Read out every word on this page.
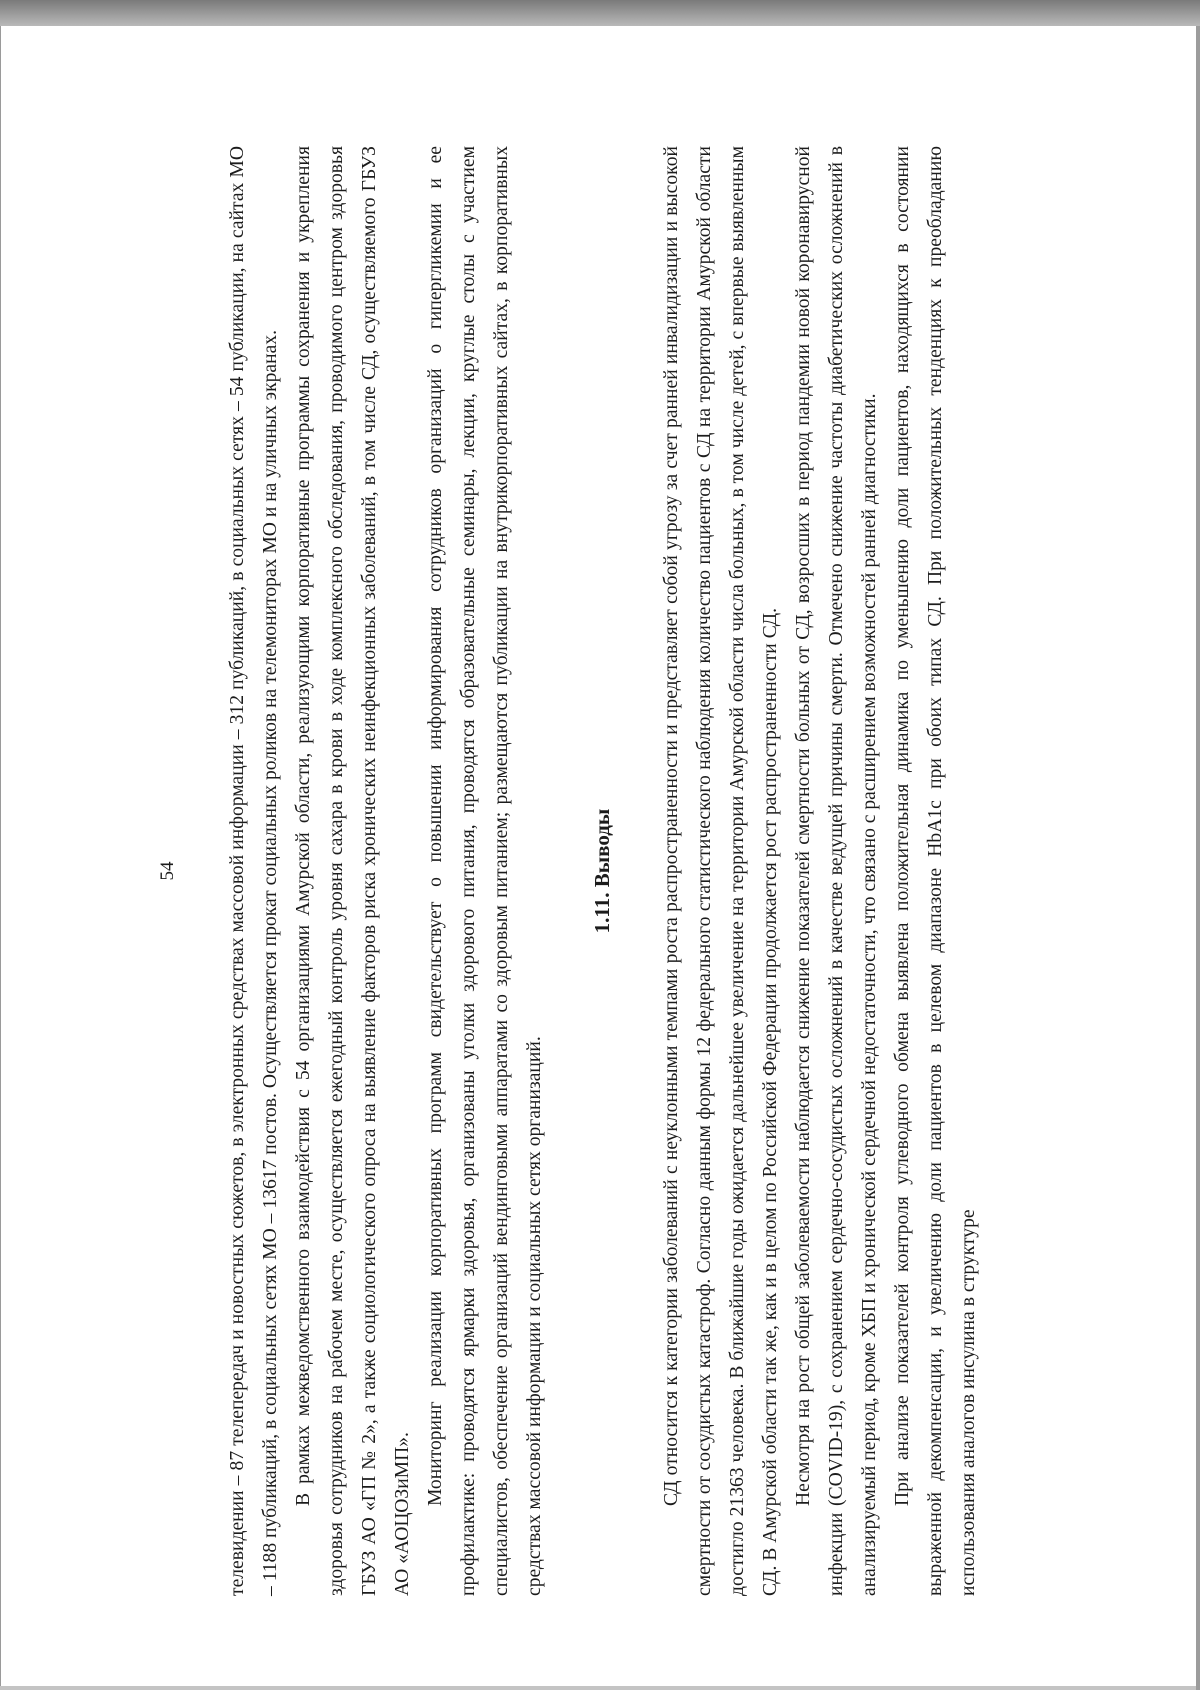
54	телевидении – 87 телепередач и новостных сюжетов, в электронных средствах массовой информации – 312 публикаций, в социальных сетях – 54 публикации, на сайтах МО – 1188 публикаций, в социальных сетях МО – 13617 постов. Осуществляется прокат социальных роликов на телемониторах МО и на уличных экранах. В рамках межведомственного взаимодействия с 54 организациями Амурской области, реализующими корпоративные программы сохранения и укрепления здоровья сотрудников на рабочем месте, осуществляется ежегодный контроль уровня сахара в крови в ходе комплексного обследования, проводимого центром здоровья ГБУЗ АО «ГП № 2», а также социологического опроса на выявление факторов риска хронических неинфекционных заболеваний, в том числе СД, осуществляемого ГБУЗ АО «АОЦОЗиМП».

Мониторинг реализации корпоративных программ свидетельствует о повышении информирования сотрудников организаций о гипергликемии и ее профилактике: проводятся ярмарки здоровья, организованы уголки здорового питания, проводятся образовательные семинары, лекции, круглые столы с участием специалистов, обеспечение организаций вендинговыми аппаратами со здоровым питанием; размещаются публикации на внутрикорпоративных сайтах, в корпоративных средствах массовой информации и социальных сетях организаций.

1.11. Выводы	СД относится к категории заболеваний с неуклонными темпами роста распространенности и представляет собой угрозу за счет ранней инвалидизации и высокой смертности от сосудистых катастроф. Согласно данным формы 12 федерального статистического наблюдения количество пациентов с СД на территории Амурской области достигло 21363 человека. В ближайшие годы ожидается дальнейшее увеличение на территории Амурской области числа больных, в том числе детей, с впервые выявленным СД. В Амурской области так же, как и в целом по Российской Федерации продолжается рост распространенности СД. Несмотря на рост общей заболеваемости наблюдается снижение показателей смертности больных от СД, возросших в период пандемии новой коронавирусной инфекции (COVID-19), с сохранением сердечно-сосудистых осложнений в качестве ведущей причины смерти. Отмечено снижение частоты диабетических осложнений в анализируемый период, кроме ХБП и хронической сердечной недостаточности, что связано с расширением возможностей ранней диагностики. При анализе показателей контроля углеводного обмена выявлена положительная динамика по уменьшению доли пациентов, находящихся в состоянии выраженной декомпенсации, и увеличению доли пациентов в целевом диапазоне HbA1c при обоих типах СД. При положительных тенденциях к преобладанию использования аналогов инсулина в структуре
